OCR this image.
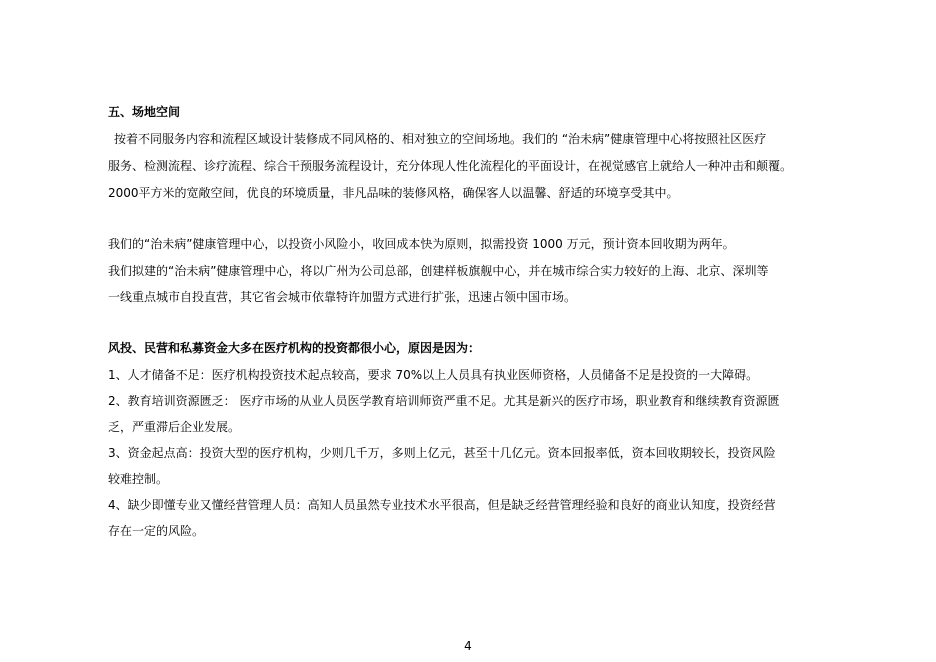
五、场地空间
按着不同服务内容和流程区域设计装修成不同风格的、相对独立的空间场地。我们的 “治未病”健康管理中心将按照社区医疗
服务、检测流程、诊疗流程、综合干预服务流程设计，充分体现人性化流程化的平面设计，在视觉感官上就给人一种冲击和颠覆。
2000平方米的宽敞空间，优良的环境质量，非凡品味的装修风格，确保客人以温馨、舒适的环境享受其中。
我们的“治未病”健康管理中心，以投资小风险小，收回成本快为原则，拟需投资 1000 万元，预计资本回收期为两年。
我们拟建的“治未病”健康管理中心，将以广州为公司总部，创建样板旗舰中心，并在城市综合实力较好的上海、北京、深圳等
一线重点城市自投直营，其它省会城市依靠特许加盟方式进行扩张，迅速占领中国市场。
风投、民营和私募资金大多在医疗机构的投资都很小心，原因是因为：
1、人才储备不足：医疗机构投资技术起点较高，要求 70%以上人员具有执业医师资格，人员储备不足是投资的一大障碍。
2、教育培训资源匮乏： 医疗市场的从业人员医学教育培训师资严重不足。尤其是新兴的医疗市场，职业教育和继续教育资源匮
乏，严重滞后企业发展。
3、资金起点高：投资大型的医疗机构，少则几千万，多则上亿元，甚至十几亿元。资本回报率低，资本回收期较长，投资风险
较难控制。
4、缺少即懂专业又懂经营管理人员：高知人员虽然专业技术水平很高，但是缺乏经营管理经验和良好的商业认知度，投资经营
存在一定的风险。
4
